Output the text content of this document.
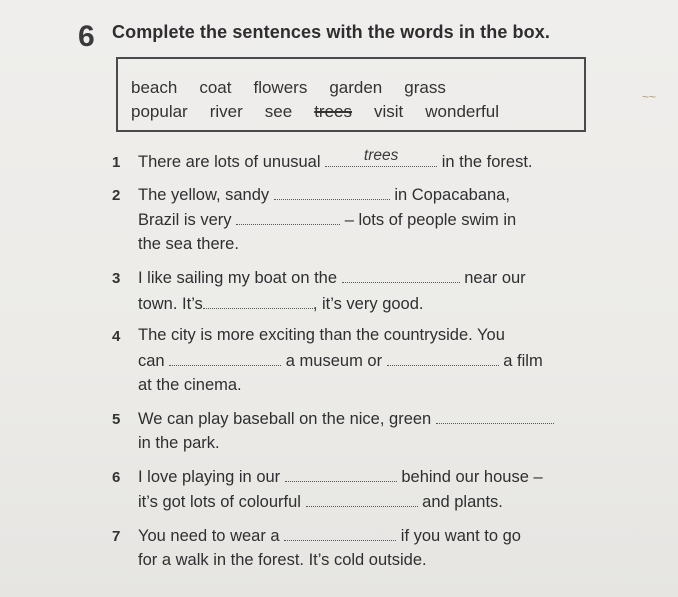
6 Complete the sentences with the words in the box.
beach coat flowers garden grass
popular river see trees visit wonderful
~~
1 There are lots of unusual	trees	in the forest.
2 The yellow, sandy	in Copacabana,
Brazil is very	– lots of people swim in
the sea there.
3 I like sailing my boat on the	near our
town. It’s	, it’s very good.
4 The city is more exciting than the countryside. You
can	a museum or	a film
at the cinema.
5 We can play baseball on the nice, green
in the park.
6 I love playing in our	behind our house –
it’s got lots of colourful	and plants.
7 You need to wear a	if you want to go
for a walk in the forest. It’s cold outside.
